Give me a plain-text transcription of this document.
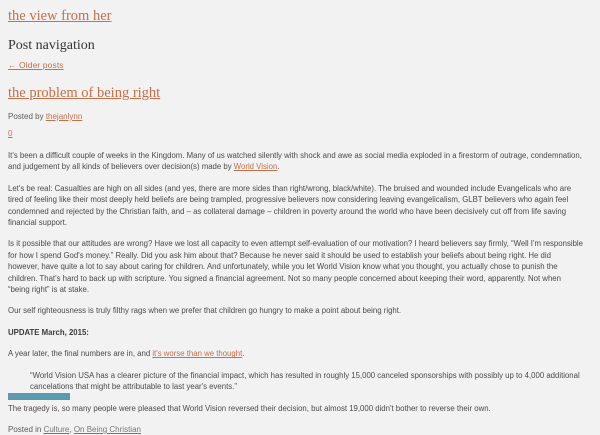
the view from her
Post navigation
← Older posts
the problem of being right
Posted by thejanlynn
0

It's been a difficult couple of weeks in the Kingdom. Many of us watched silently with shock and awe as social media exploded in a firestorm of outrage, condemnation, and judgement by all kinds of believers over decision(s) made by World Vision.

Let's be real: Casualties are high on all sides (and yes, there are more sides than right/wrong, black/white). The bruised and wounded include Evangelicals who are tired of feeling like their most deeply held beliefs are being trampled, progressive believers now considering leaving evangelicalism, GLBT believers who again feel condemned and rejected by the Christian faith, and – as collateral damage – children in poverty around the world who have been decisively cut off from life saving financial support.

Is it possible that our attitudes are wrong? Have we lost all capacity to even attempt self-evaluation of our motivation? I heard believers say firmly, “Well I'm responsible for how I spend God's money.” Really. Did you ask him about that? Because he never said it should be used to establish your beliefs about being right. He did however, have quite a lot to say about caring for children. And unfortunately, while you let World Vision know what you thought, you actually chose to punish the children. That's hard to back up with scripture. You signed a financial agreement. Not so many people concerned about keeping their word, apparently. Not when “being right” is at stake.

Our self righteousness is truly filthy rags when we prefer that children go hungry to make a point about being right.

UPDATE March, 2015:

A year later, the final numbers are in, and it's worse than we thought.

“World Vision USA has a clearer picture of the financial impact, which has resulted in roughly 15,000 canceled sponsorships with possibly up to 4,000 additional cancelations that might be attributable to last year's events.”

The tragedy is, so many people were pleased that World Vision reversed their decision, but almost 19,000 didn't bother to reverse their own.

Posted in Culture, On Being Christian
